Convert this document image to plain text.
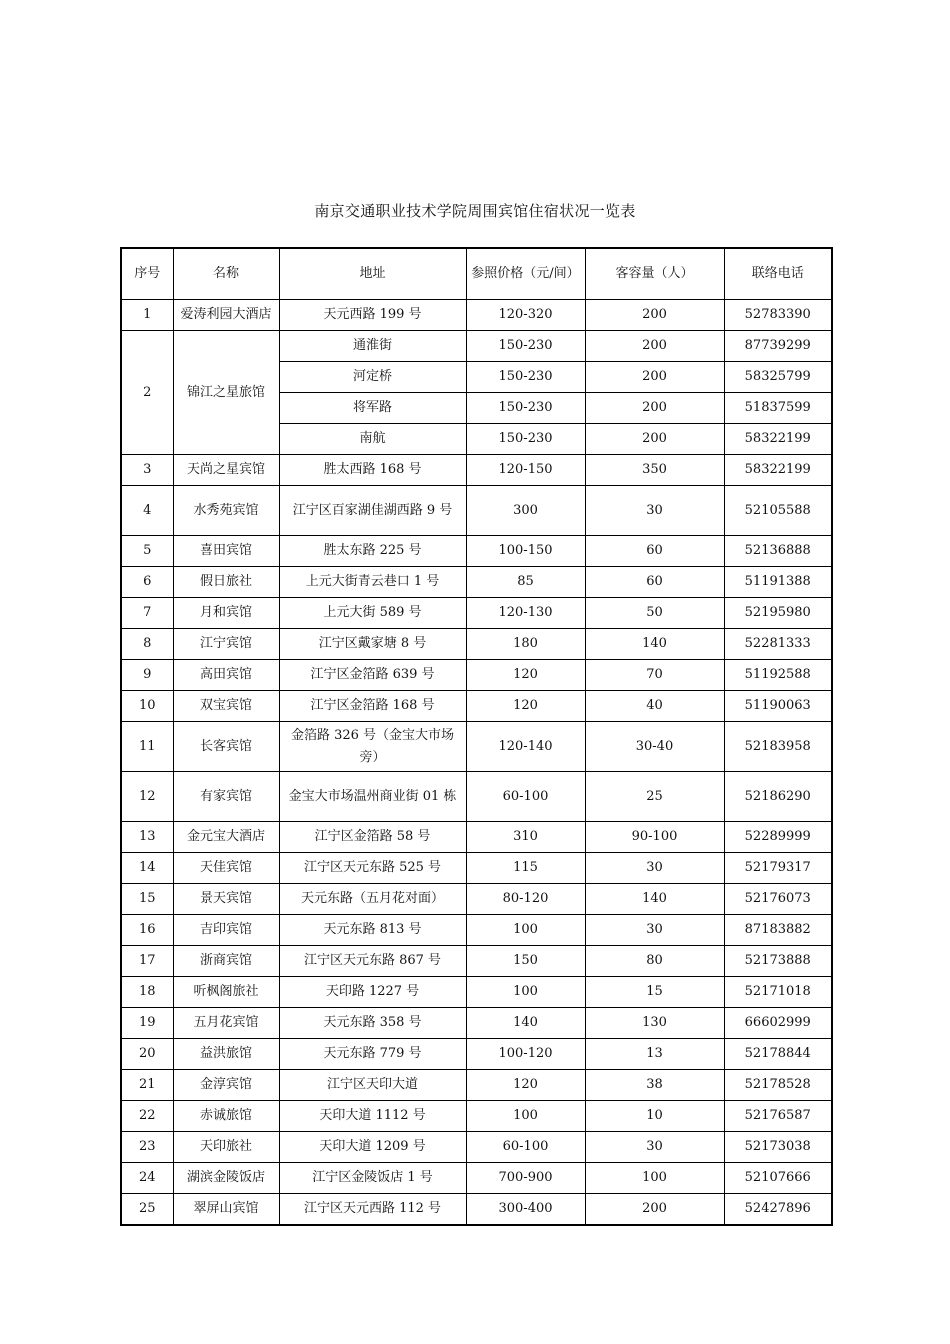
南京交通职业技术学院周围宾馆住宿状况一览表
序号	名称	地址	参照价格（元/间）	客容量（人）	联络电话
1	爱涛利园大酒店	天元西路 199 号	120-320	200	52783390
2	锦江之星旅馆	通淮街	150-230	200	87739299
		河定桥	150-230	200	58325799
		将军路	150-230	200	51837599
		南航	150-230	200	58322199
3	天尚之星宾馆	胜太西路 168 号	120-150	350	58322199
4	水秀苑宾馆	江宁区百家湖佳湖西路 9 号	300	30	52105588
5	喜田宾馆	胜太东路 225 号	100-150	60	52136888
6	假日旅社	上元大街青云巷口 1 号	85	60	51191388
7	月和宾馆	上元大街 589 号	120-130	50	52195980
8	江宁宾馆	江宁区戴家塘 8 号	180	140	52281333
9	高田宾馆	江宁区金箔路 639 号	120	70	51192588
10	双宝宾馆	江宁区金箔路 168 号	120	40	51190063
11	长客宾馆	金箔路 326 号（金宝大市场旁）	120-140	30-40	52183958
12	有家宾馆	金宝大市场温州商业街 01 栋	60-100	25	52186290
13	金元宝大酒店	江宁区金箔路 58 号	310	90-100	52289999
14	天佳宾馆	江宁区天元东路 525 号	115	30	52179317
15	景天宾馆	天元东路（五月花对面）	80-120	140	52176073
16	吉印宾馆	天元东路 813 号	100	30	87183882
17	浙商宾馆	江宁区天元东路 867 号	150	80	52173888
18	听枫阁旅社	天印路 1227 号	100	15	52171018
19	五月花宾馆	天元东路 358 号	140	130	66602999
20	益洪旅馆	天元东路 779 号	100-120	13	52178844
21	金淳宾馆	江宁区天印大道	120	38	52178528
22	赤诚旅馆	天印大道 1112 号	100	10	52176587
23	天印旅社	天印大道 1209 号	60-100	30	52173038
24	湖滨金陵饭店	江宁区金陵饭店 1 号	700-900	100	52107666
25	翠屏山宾馆	江宁区天元西路 112 号	300-400	200	52427896
